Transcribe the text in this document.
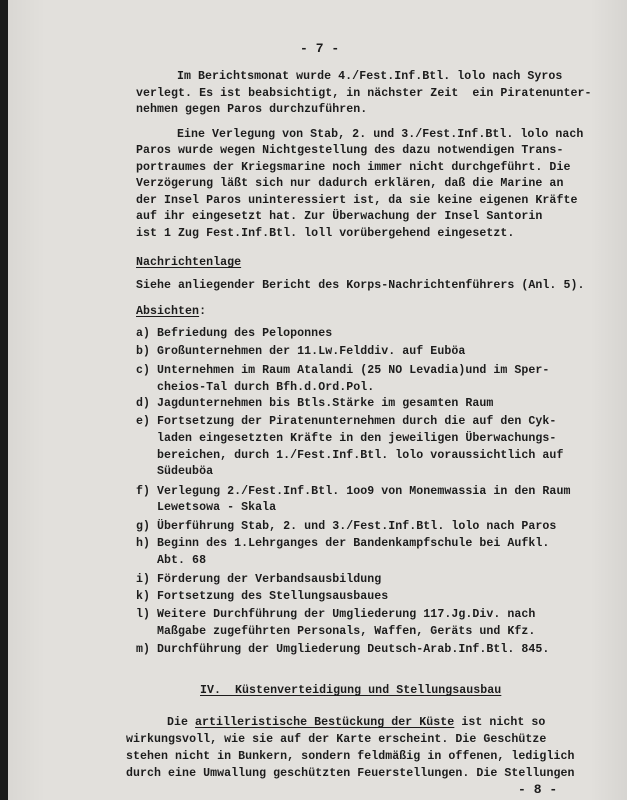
- 7 -
Im Berichtsmonat wurde 4./Fest.Inf.Btl. lolo nach Syros
verlegt. Es ist beabsichtigt, in nächster Zeit  ein Piratenunter-
nehmen gegen Paros durchzuführen.
Eine Verlegung von Stab, 2. und 3./Fest.Inf.Btl. lolo nach
Paros wurde wegen Nichtgestellung des dazu notwendigen Trans-
portraumes der Kriegsmarine noch immer nicht durchgeführt. Die
Verzögerung läßt sich nur dadurch erklären, daß die Marine an
der Insel Paros uninteressiert ist, da sie keine eigenen Kräfte
auf ihr eingesetzt hat. Zur Überwachung der Insel Santorin
ist 1 Zug Fest.Inf.Btl. loll vorübergehend eingesetzt.
Nachrichtenlage
Siehe anliegender Bericht des Korps-Nachrichtenführers (Anl. 5).
Absichten:
a) Befriedung des Peloponnes
b) Großunternehmen der 11.Lw.Felddiv. auf Euböa
c) Unternehmen im Raum Atalandi (25 NO Levadia)und im Sper-
cheios-Tal durch Bfh.d.Ord.Pol.
d) Jagdunternehmen bis Btls.Stärke im gesamten Raum
e) Fortsetzung der Piratenunternehmen durch die auf den Cyk-
laden eingesetzten Kräfte in den jeweiligen Überwachungs-
bereichen, durch 1./Fest.Inf.Btl. lolo voraussichtlich auf
Südeuböa
f) Verlegung 2./Fest.Inf.Btl. 1oo9 von Monemwassia in den Raum
Lewetsowa - Skala
g) Überführung Stab, 2. und 3./Fest.Inf.Btl. lolo nach Paros
h) Beginn des 1.Lehrganges der Bandenkampfschule bei Aufkl.
Abt. 68
i) Förderung der Verbandsausbildung
k) Fortsetzung des Stellungsausbaues
l) Weitere Durchführung der Umgliederung 117.Jg.Div. nach
Maßgabe zugeführten Personals, Waffen, Geräts und Kfz.
m) Durchführung der Umgliederung Deutsch-Arab.Inf.Btl. 845.
IV.  Küstenverteidigung und Stellungsausbau
Die artilleristische Bestückung der Küste ist nicht so
wirkungsvoll, wie sie auf der Karte erscheint. Die Geschütze
stehen nicht in Bunkern, sondern feldmäßig in offenen, lediglich
durch eine Umwallung geschützten Feuerstellungen. Die Stellungen
- 8 -
